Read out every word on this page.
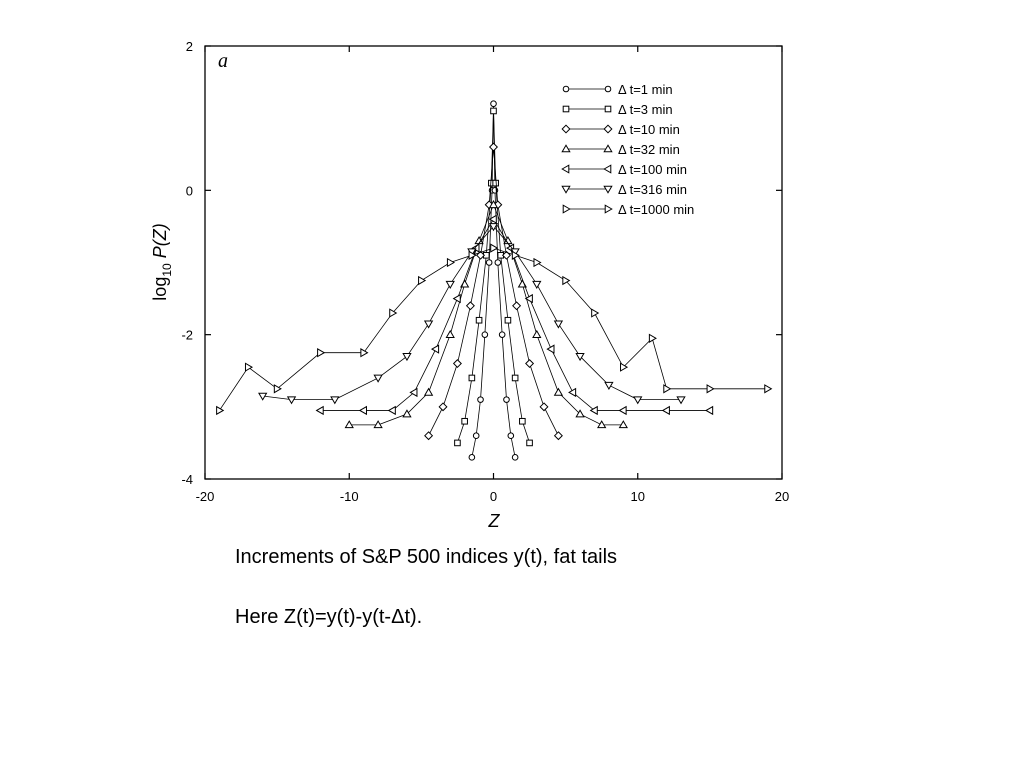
-20	-10	0	10	20
-4
-2
0
2
a
Z
$\log_{10} P(Z)$
Δ t=1 min
Δ t=3 min
Δ t=10 min
Δ t=32 min
Δ t=100 min
Δ t=316 min
Δ t=1000 min
Increments of S&P 500 indices y(t), fat tails
Here Z(t)=y(t)-y(t-Δt).
